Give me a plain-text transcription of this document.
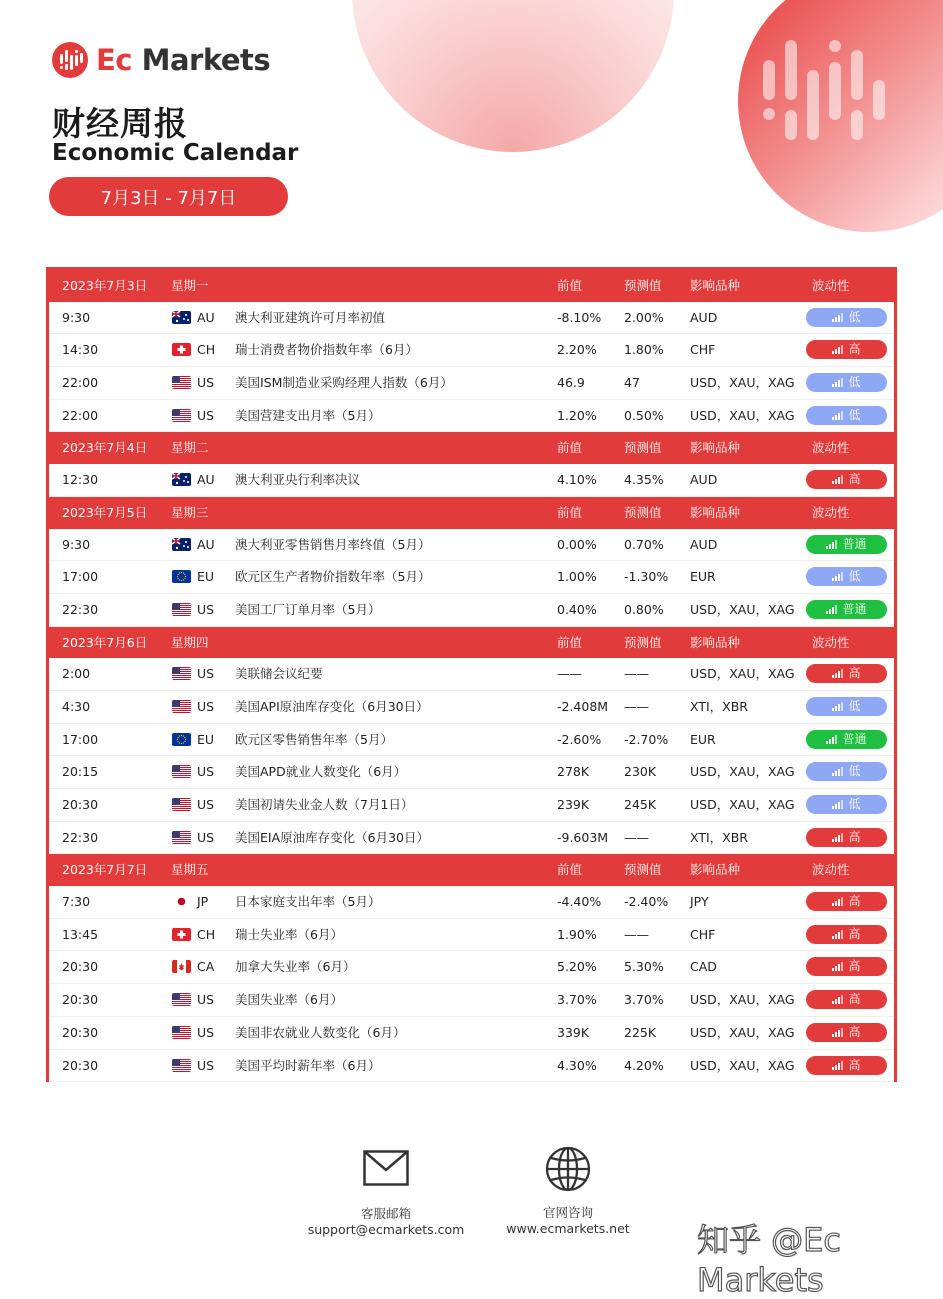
Ec Markets
财经周报
Economic Calendar
7月3日 - 7月7日
2023年7月3日 星期一	前值	预测值 影响品种	波动性
9:30	AU 澳大利亚建筑许可月率初值	-8.10% 2.00% AUD	低
14:30	CH 瑞士消费者物价指数年率（6月）	2.20% 1.80% CHF	高
22:00	US 美国ISM制造业采购经理人指数（6月）	46.9	47	USD，XAU，XAG	低
22:00	US 美国营建支出月率（5月）	1.20% 0.50% USD，XAU，XAG	低
2023年7月4日 星期二	前值	预测值 影响品种	波动性
12:30	AU 澳大利亚央行利率决议	4.10% 4.35% AUD	高
2023年7月5日 星期三	前值	预测值 影响品种	波动性
9:30	AU 澳大利亚零售销售月率终值（5月）	0.00% 0.70% AUD	普通
17:00	EU 欧元区生产者物价指数年率（5月）	1.00% -1.30% EUR	低
22:30	US 美国工厂订单月率（5月）	0.40% 0.80% USD，XAU，XAG	普通
2023年7月6日 星期四	前值	预测值 影响品种	波动性
2:00	US 美联储会议纪要	——	——	USD，XAU，XAG	高
4:30	US 美国API原油库存变化（6月30日）	-2.408M ——	XTI，XBR	低
17:00	EU 欧元区零售销售年率（5月）	-2.60% -2.70% EUR	普通
20:15	US 美国APD就业人数变化（6月）	278K	230K	USD，XAU，XAG	低
20:30	US 美国初请失业金人数（7月1日）	239K	245K	USD，XAU，XAG	低
22:30	US 美国EIA原油库存变化（6月30日）	-9.603M ——	XTI，XBR	高
2023年7月7日 星期五	前值	预测值 影响品种	波动性
7:30	JP 日本家庭支出年率（5月）	-4.40% -2.40% JPY	高
13:45	CH 瑞士失业率（6月）	1.90% ——	CHF	高
20:30	CA 加拿大失业率（6月）	5.20% 5.30% CAD	高
20:30	US 美国失业率（6月）	3.70% 3.70% USD，XAU，XAG	高
20:30	US 美国非农就业人数变化（6月）	339K	225K	USD，XAU，XAG	高
20:30	US 美国平均时薪年率（6月）	4.30% 4.20% USD，XAU，XAG	高
客服邮箱
support@ecmarkets.com
官网咨询
www.ecmarkets.net	知乎 @Ec Markets
